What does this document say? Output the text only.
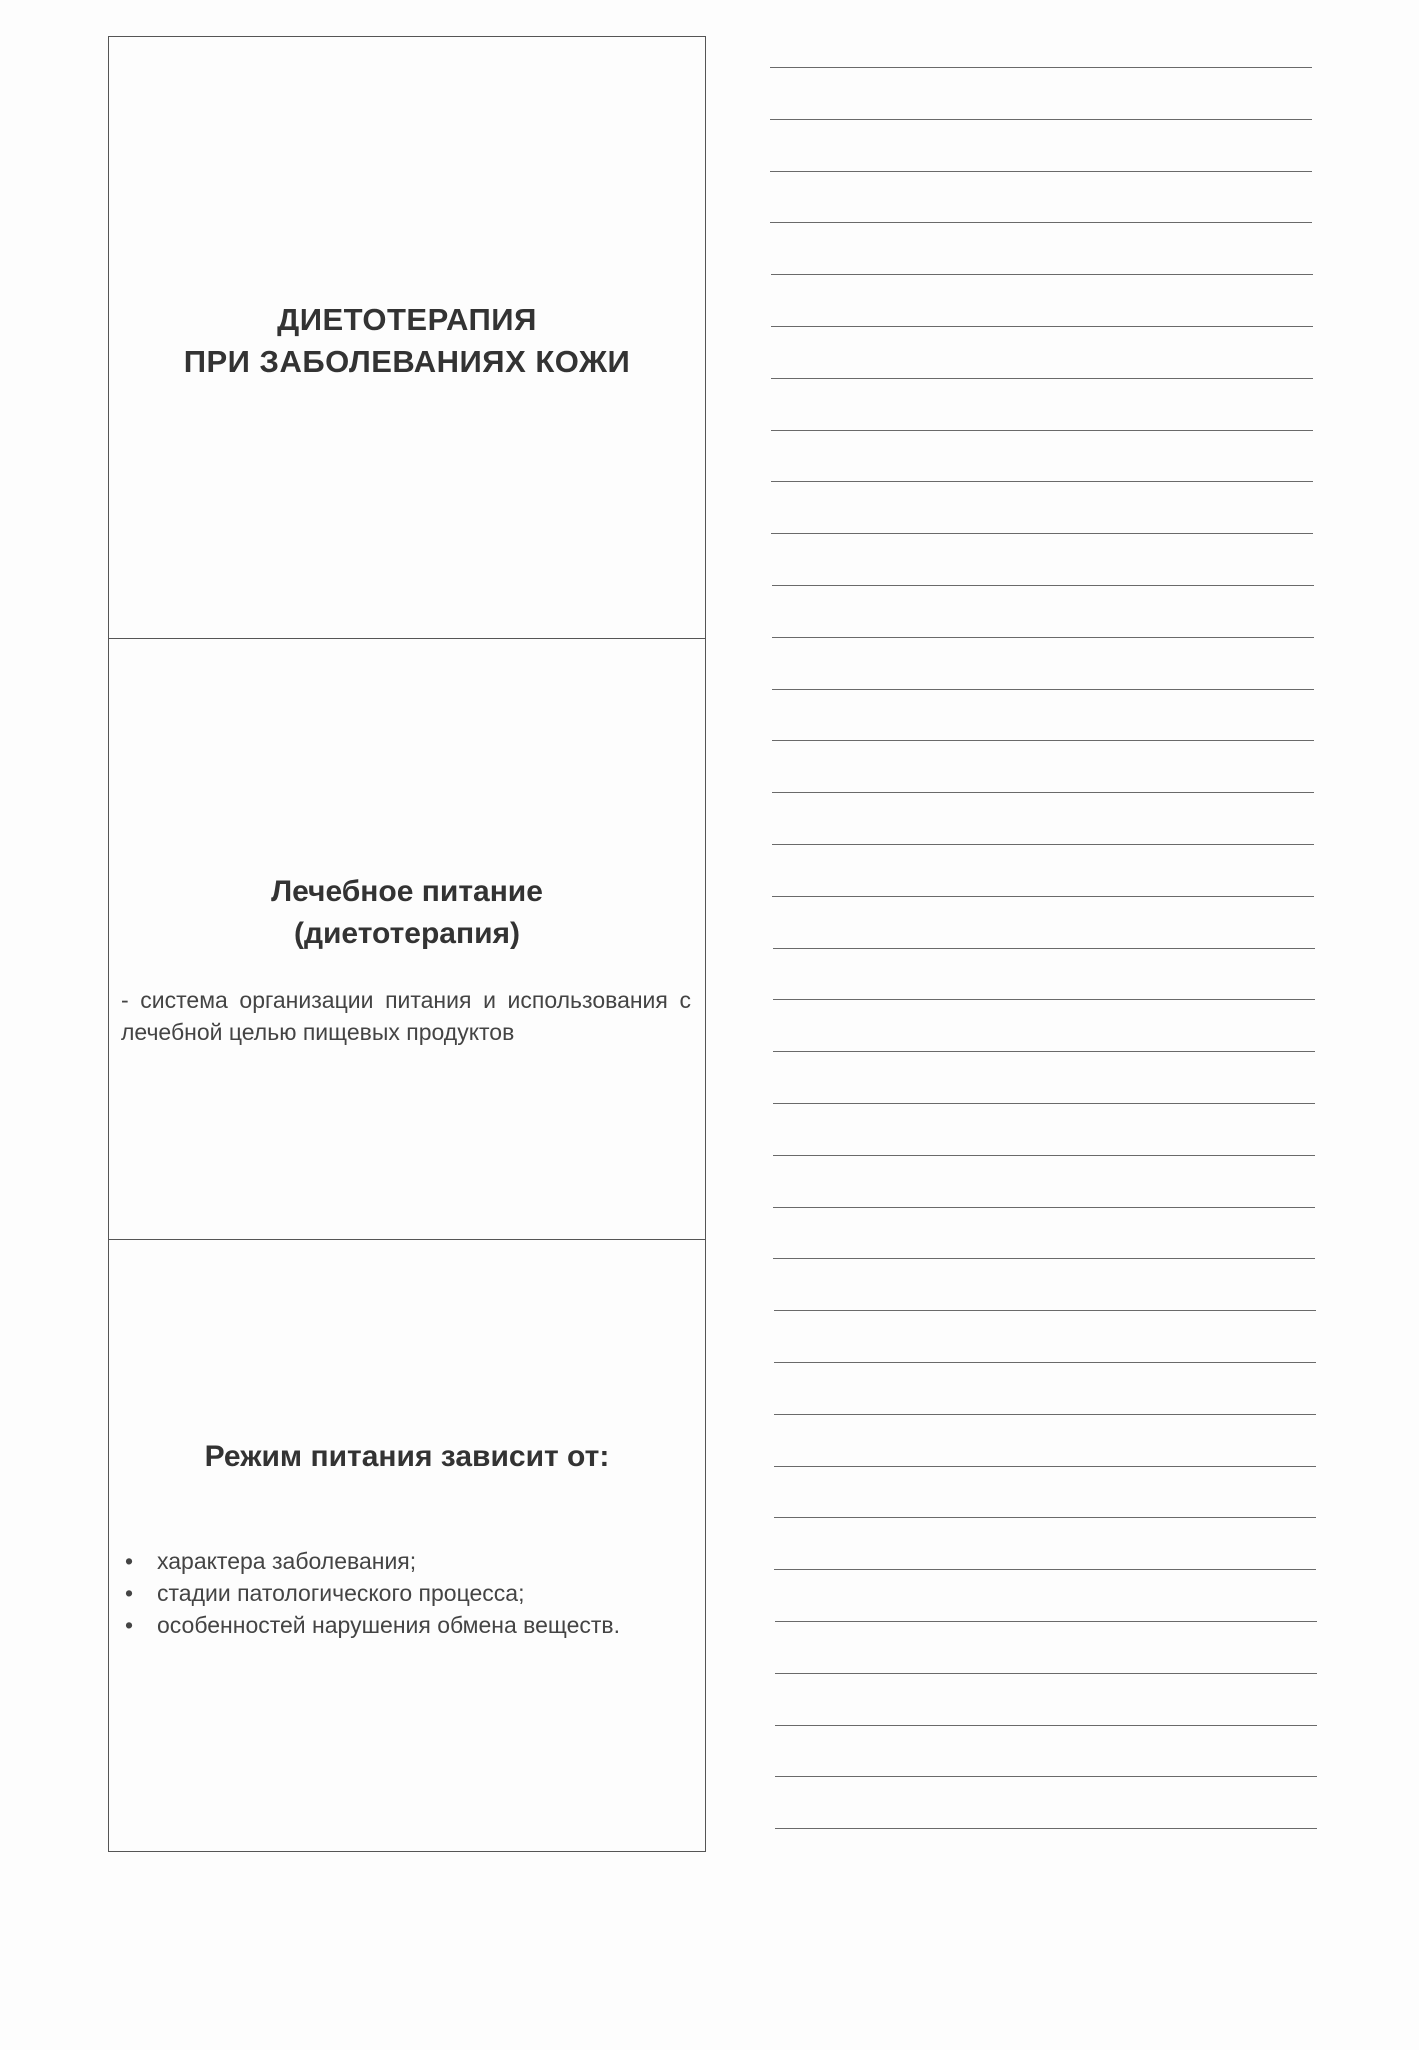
ДИЕТОТЕРАПИЯ
ПРИ ЗАБОЛЕВАНИЯХ КОЖИ
Лечебное питание
(диетотерапия)
- система организации питания и использования с лечебной целью пищевых продуктов
Режим питания зависит от:
• характера заболевания;
• стадии патологического процесса;
• особенностей нарушения обмена веществ.
